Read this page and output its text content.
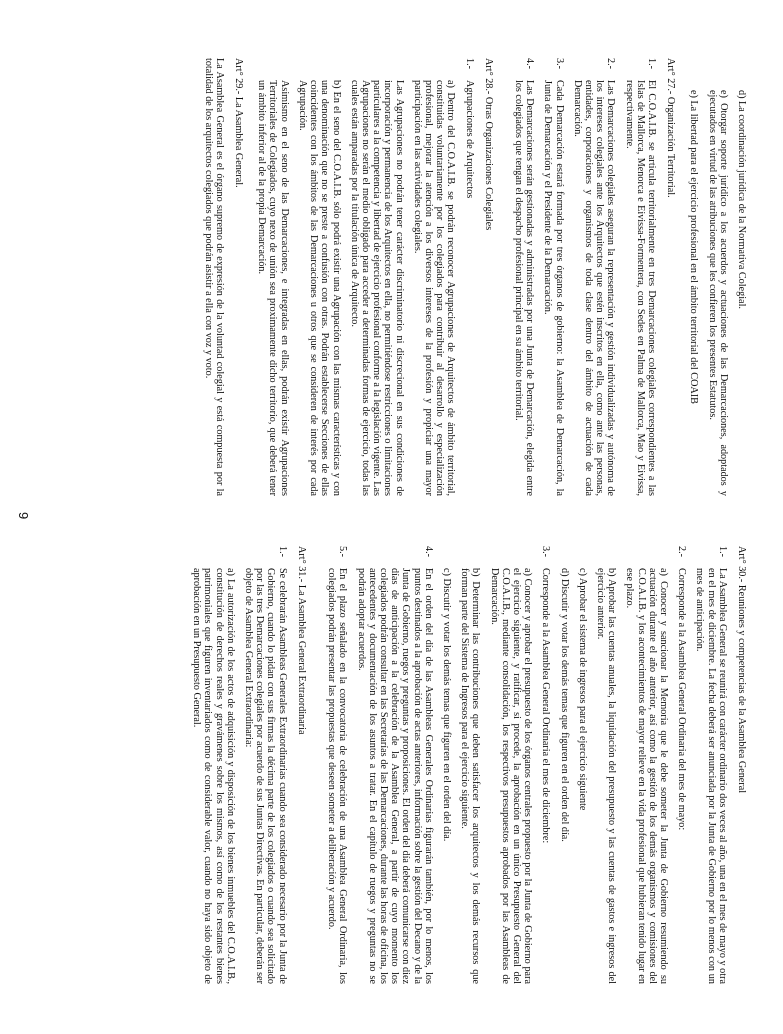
d) La coordinación jurídica de la Normativa Colegial.

e) Otorgar soporte jurídico a los acuerdos y actuaciones de las Demarcaciones, adoptados y ejecutados en virtud de las atribuciones que les confieren los presentes Estatutos.

e) La libertad para el ejercicio profesional en el ámbito territorial del COAIB

Art° 27.- Organización Territorial.

1.-

El C.O.A.I.B. se articula territorialmente en tres Demarcaciones colegiales correspondientes a las Islas de Mallorca, Menorca e Eivissa-Formentera, con Sedes en Palma de Mallorca, Mao y Eivissa, respectivamente.

2.-

Las Demarcaciones colegiales aseguran la representación y gestión individualizadas y autónoma de los intereses colegiales ante los Arquitectos que estén inscritos en ella, como ante las personas, entidades, corporaciones y organismos de toda clase dentro del ámbito de actuación de cada Demarcación.

3.-

Cada Demarcación estará formada por tres órganos de gobierno: la Asamblea de Demarcación, la Junta de Demarcación y el Presidente de la Demarcación.

4.-

Las Demarcaciones serán gestionadas y administradas por una Junta de Demarcación, elegida entre los colegiados que tengan el despacho profesional principal en su ámbito territorial.

Art° 28.- Otras Organizaciones Colegiales

1.-

Agrupaciones de Arquitectos

a) Dentro del C.O.A.I.B. se podrán reconocer Agrupaciones de Arquitectos de ámbito territorial, constituidas voluntariamente por los colegiados para contribuir al desarrollo y especialización profesional, mejorar la atención a los diversos intereses de la profesión y propiciar una mayor participación en las actividades colegiales.

Las Agrupaciones no podrán tener carácter discriminatorio ni discrecional en sus condiciones de incorporación y permanencia de los Arquitectos en ella, no permitiéndose restricciones o limitaciones particulares a la competencia y libertad de ejercicio profesional conforme a la legislación vigente. Las Agrupaciones no serán el medio obligado para acceder a determinadas formas de ejercicio, todas las cuales están amparadas por la titulación única de Arquitecto.

b) En el seno del C.O.A.I.B. sólo podrá existir una Agrupación con las mismas características y con una denominación que no se preste a confusión con otras. Podrán establecerse Secciones de ellas coincidentes con los ámbitos de las Demarcaciones u otros que se consideren de interés por cada Agrupación.

Asimismo en el seno de las Demarcaciones, e integradas en ellas, podrán existir Agrupaciones Territoriales de Colegiados, cuyo nexo de unión sea proximamente dicho territorio, que deberá tener un ámbito inferior al de la propia Demarcación.

Art° 29.- La Asamblea General.

La Asamblea General es el órgano supremo de expresión de la voluntad colegial y está compuesta por la totalidad de los arquitectos colegiados que podrán asistir a ella con voz y voto.

Art° 30.- Reuniones y competencias de la Asamblea General

1.-

La Asamblea General se reunirá con carácter ordinario dos veces al año, una en el mes de mayo y otra en el mes de diciembre. La fecha deberá ser anunciada por la Junta de Gobierno por lo menos con un mes de anticipación.

2.-

Corresponde a la Asamblea General Ordinaria del mes de mayo:

a) Conocer y sancionar la Memoria que le debe someter la Junta de Gobierno resumiendo su actuación durante el año anterior, así como la gestión de los demás organismos y comisiones del C.O.A.I.B. y los acontecimientos de mayor relieve en la vida profesional que hubieran tenido lugar en ese plazo.

b) Aprobar las cuentas anuales, la liquidación del presupuesto y las cuentas de gastos e ingresos del ejercicio anterior.

c) Aprobar el sistema de ingresos para el ejercicio siguiente

d) Discutir y votar los demás temas que figuren en el orden del día.

3.-

Corresponde a la Asamblea General Ordinaria el mes de diciembre:

a) Conocer y aprobar el presupuesto de los órganos centrales propuesto por la Junta de Gobierno para el ejercicio siguiente, y ratificar, si procede, la aprobación en un único Presupuesto General del C.O.A.I.B., mediante consolidación, los respectivos presupuestos aprobados por las Asambleas de Demarcación.

b) Determinar las contribuciones que deben satisfacer los arquitectos y los demás recursos que forman parte del Sistema de Ingresos para el ejercicio siguiente.

c) Discutir y votar los demás temas que figuren en el orden del día.

4.-

En el orden del día de las Asambleas Generales Ordinarias figurarán también, por lo menos, los puntos destinados a la aprobación de actas anteriores, información sobre la gestión del Decano y de la Junta de Gobierno, ruegos y preguntas y proposiciones. El orden del día deberá comunicarse con diez días de anticipación a la celebración de la Asamblea General, a partir de cuyo momento los colegiados podrán consultar en las Secretarías de las Demarcaciones, durante las horas de oficina, los antecedentes y documentación de los asuntos a tratar. En el capítulo de ruegos y preguntas no se podrán adoptar acuerdos.

5.-

En el plazo señalado en la convocatoria de celebración de una Asamblea General Ordinaria, los colegiados podrán presentar las propuestas que deseen someter a deliberación y acuerdo.

Art° 31.- La Asamblea General Extraordinaria

1.-

Se celebrarán Asambleas Generales Extraordinarias cuando sea considerado necesario por la Junta de Gobierno, cuando lo pidan con sus firmas la décima parte de los colegiados o cuando sea solicitado por las tres Demarcaciones colegiales por acuerdo de sus Juntas Directivas. En particular, deberán ser objeto de Asamblea General Extraordinaria:

a) La autorización de los actos de adquisición y disposición de los bienes inmuebles del C.O.A.I.B., constitución de derechos reales y gravámenes sobre los mismos, así como de los restantes bienes patrimoniales que figuren inventariados como de considerable valor, cuando no haya sido objeto de aprobación en un Presupuesto General.

9
